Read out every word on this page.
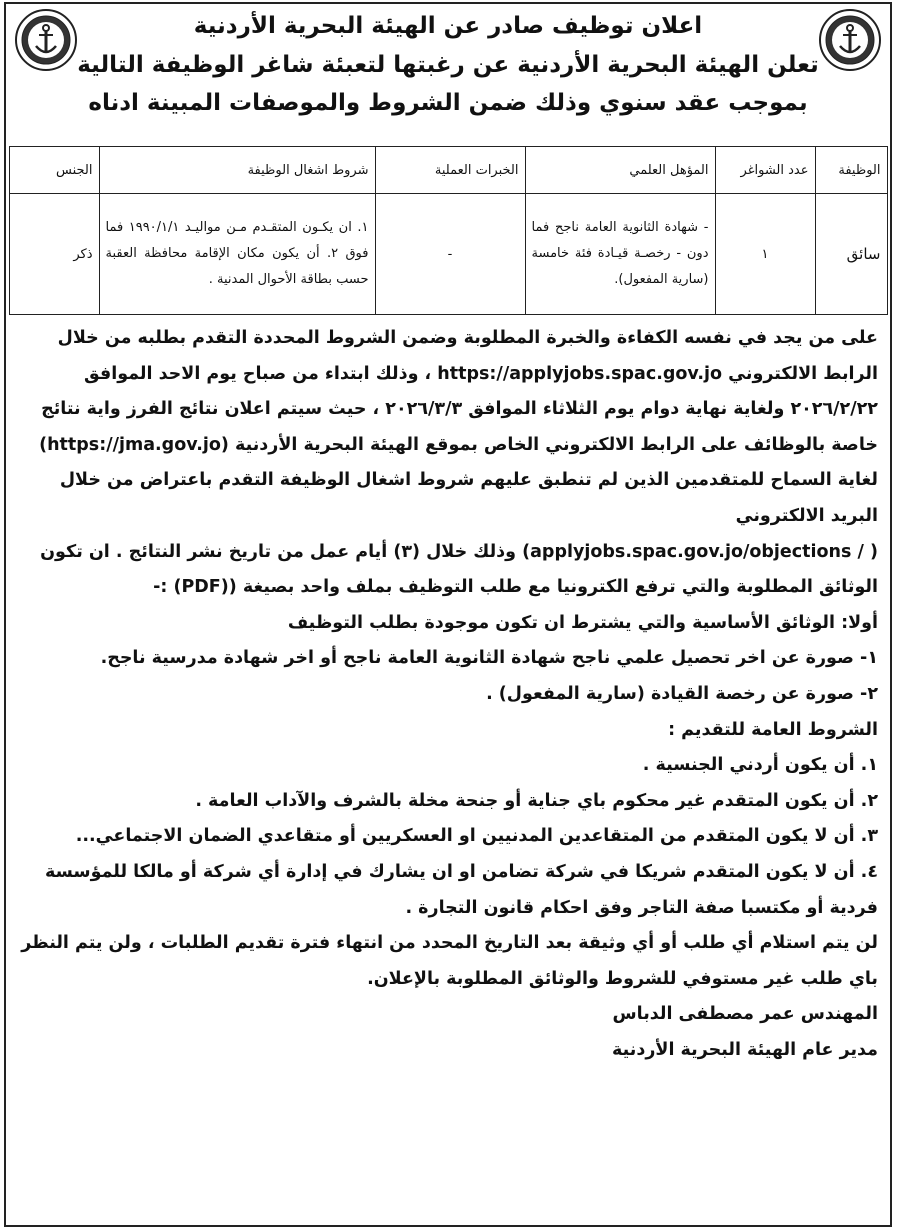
اعلان توظيف صادر عن الهيئة البحرية الأردنية

تعلن الهيئة البحرية الأردنية عن رغبتها لتعبئة شاغر الوظيفة التالية

بموجب عقد سنوي وذلك ضمن الشروط والموصفات المبينة ادناه

الوظيفة	عدد الشواغر	المؤهل العلمي	الخبرات العملية	شروط اشغال الوظيفة	الجنس
سائق	١	- شهادة الثانوية العامة ناجح فما دون - رخصـة قيـادة فئة خامسة (سارية المفعول).	-	١. ان يكـون المتقـدم مـن مواليـد ١٩٩٠/١/١ فما فوق ٢. أن يكون مكان الإقامة محافظة العقبة حسب بطاقة الأحوال المدنية .	ذكر

على من يجد في نفسه الكفاءة والخبرة المطلوبة وضمن الشروط المحددة التقدم بطلبه من خلال الرابط الالكتروني https://applyjobs.spac.gov.jo ، وذلك ابتداء من صباح يوم الاحد الموافق ٢٠٢٦/٢/٢٢ ولغاية نهاية دوام يوم الثلاثاء الموافق ٢٠٢٦/٣/٣ ، حيث سيتم اعلان نتائج الفرز واية نتائج خاصة بالوظائف على الرابط الالكتروني الخاص بموقع الهيئة البحرية الأردنية (https://jma.gov.jo) لغاية السماح للمتقدمين الذين لم تنطبق عليهم شروط اشغال الوظيفة التقدم باعتراض من خلال البريد الالكتروني

( / applyjobs.spac.gov.jo/objections) وذلك خلال (٣) أيام عمل من تاريخ نشر النتائج . ان تكون الوثائق المطلوبة والتي ترفع الكترونيا مع طلب التوظيف بملف واحد بصيغة ((PDF) :-

أولا: الوثائق الأساسية والتي يشترط ان تكون موجودة بطلب التوظيف

١- صورة عن اخر تحصيل علمي ناجح شهادة الثانوية العامة ناجح أو اخر شهادة مدرسية ناجح.

٢- صورة عن رخصة القيادة (سارية المفعول) .

الشروط العامة للتقديم :

١. أن يكون أردني الجنسية .

٢. أن يكون المتقدم غير محكوم باي جناية أو جنحة مخلة بالشرف والآداب العامة .

٣. أن لا يكون المتقدم من المتقاعدين المدنيين او العسكريين أو متقاعدي الضمان الاجتماعي...

٤. أن لا يكون المتقدم شريكا في شركة تضامن او ان يشارك في إدارة أي شركة أو مالكا للمؤسسة فردية أو مكتسبا صفة التاجر وفق احكام قانون التجارة .

لن يتم استلام أي طلب أو أي وثيقة بعد التاريخ المحدد من انتهاء فترة تقديم الطلبات ، ولن يتم النظر باي طلب غير مستوفي للشروط والوثائق المطلوبة بالإعلان.

المهندس عمر مصطفى الدباس

مدير عام الهيئة البحرية الأردنية
